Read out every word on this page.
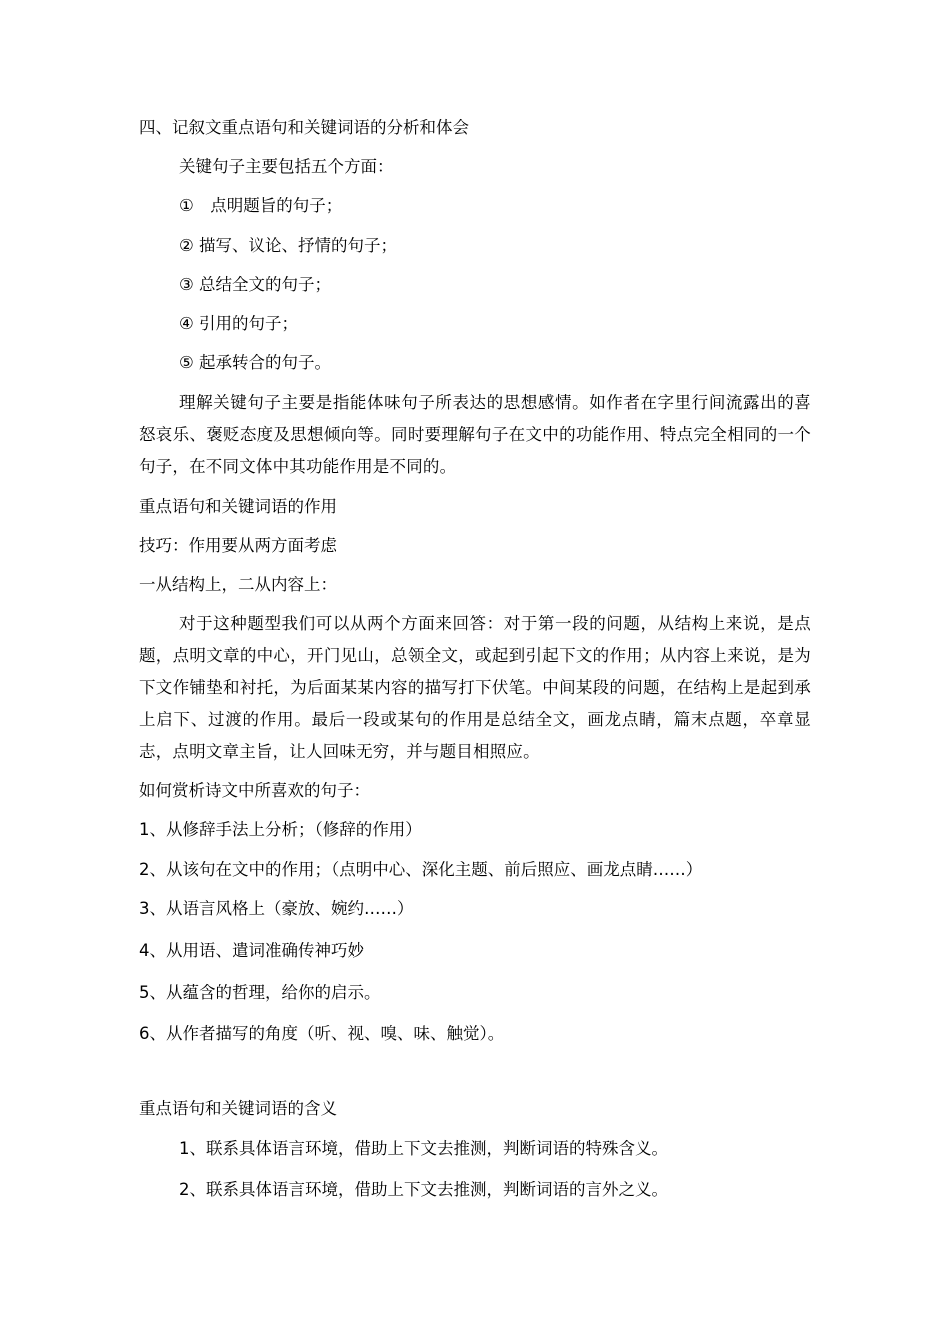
四、记叙文重点语句和关键词语的分析和体会
关键句子主要包括五个方面：
①　点明题旨的句子；
② 描写、议论、抒情的句子；
③ 总结全文的句子；
④ 引用的句子；
⑤ 起承转合的句子。
理解关键句子主要是指能体味句子所表达的思想感情。如作者在字里行间流露出的喜怒哀乐、褒贬态度及思想倾向等。同时要理解句子在文中的功能作用、特点完全相同的一个句子，在不同文体中其功能作用是不同的。
重点语句和关键词语的作用
技巧：作用要从两方面考虑
一从结构上，二从内容上：
对于这种题型我们可以从两个方面来回答：对于第一段的问题，从结构上来说，是点题，点明文章的中心，开门见山，总领全文，或起到引起下文的作用；从内容上来说，是为下文作铺垫和衬托，为后面某某内容的描写打下伏笔。中间某段的问题，在结构上是起到承上启下、过渡的作用。最后一段或某句的作用是总结全文，画龙点睛，篇末点题，卒章显志，点明文章主旨，让人回味无穷，并与题目相照应。
如何赏析诗文中所喜欢的句子：
1、从修辞手法上分析；（修辞的作用）
2、从该句在文中的作用；（点明中心、深化主题、前后照应、画龙点睛……）
3、从语言风格上（豪放、婉约……）
4、从用语、遣词准确传神巧妙
5、从蕴含的哲理，给你的启示。
6、从作者描写的角度（听、视、嗅、味、触觉）。
重点语句和关键词语的含义
1、联系具体语言环境，借助上下文去推测，判断词语的特殊含义。
2、联系具体语言环境，借助上下文去推测，判断词语的言外之义。
